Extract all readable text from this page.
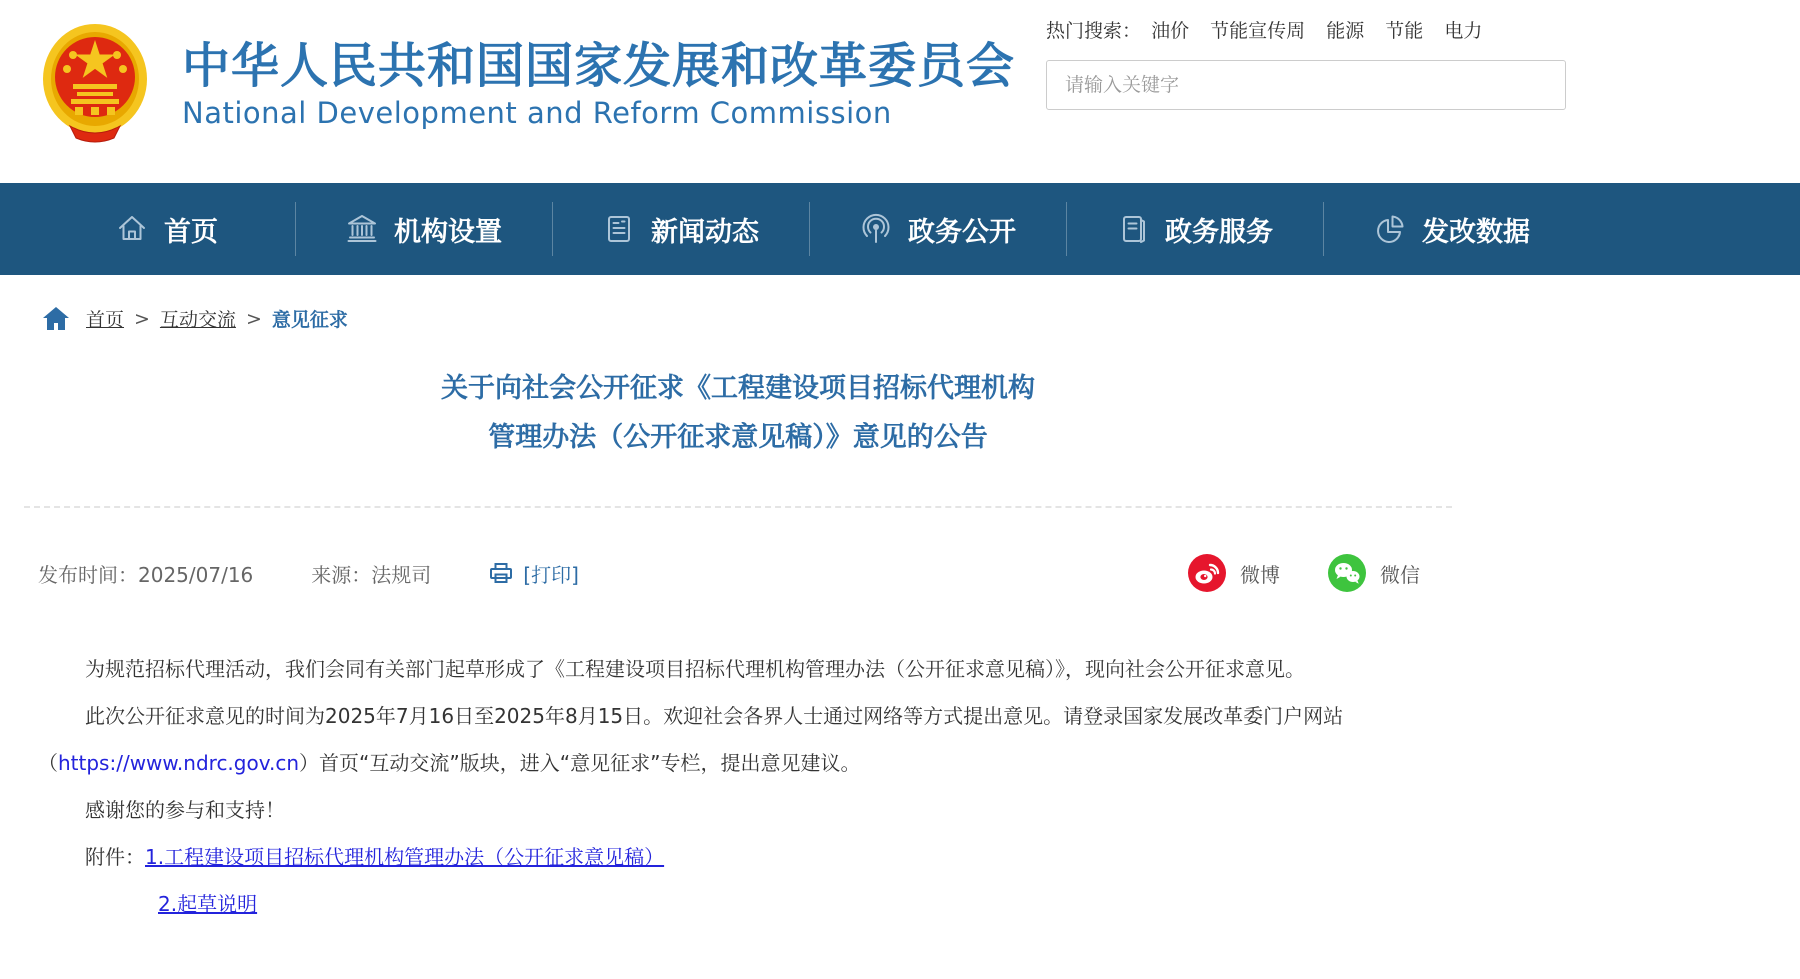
中华人民共和国国家发展和改革委员会
National Development and Reform Commission
热门搜索： 油价 节能宣传周 能源 节能 电力
请输入关键字
首页	机构设置	新闻动态	政务公开	政务服务	发改数据
首页 > 互动交流 > 意见征求
关于向社会公开征求《工程建设项目招标代理机构
管理办法（公开征求意见稿）》意见的公告
发布时间：2025/07/16	来源：法规司	[打印]	微博	微信

为规范招标代理活动，我们会同有关部门起草形成了《工程建设项目招标代理机构管理办法（公开征求意见稿）》，现向社会公开征求意见。

此次公开征求意见的时间为2025年7月16日至2025年8月15日。欢迎社会各界人士通过网络等方式提出意见。请登录国家发展改革委门户网站（https://www.ndrc.gov.cn）首页“互动交流”版块，进入“意见征求”专栏，提出意见建议。

感谢您的参与和支持！

附件：1.工程建设项目招标代理机构管理办法（公开征求意见稿）

2.起草说明
